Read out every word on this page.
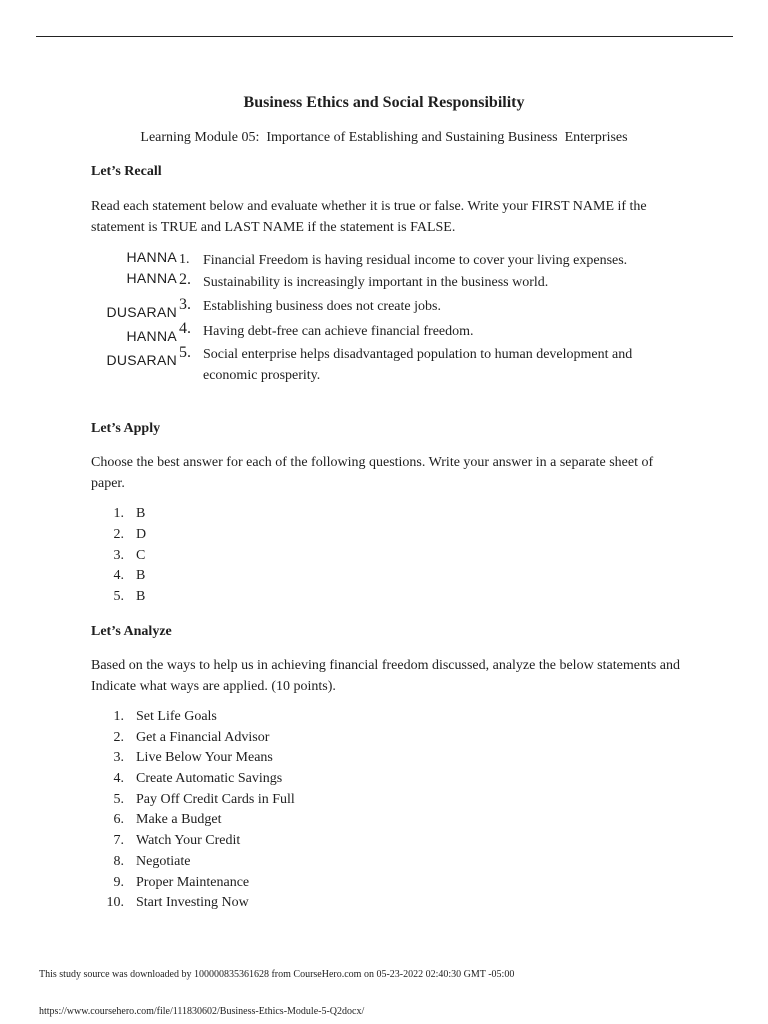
Business Ethics and Social Responsibility
Learning Module 05:  Importance of Establishing and Sustaining Business  Enterprises
Let’s Recall
Read each statement below and evaluate whether it is true or false. Write your FIRST NAME if the statement is TRUE and LAST NAME if the statement is FALSE.
HANNA 1. Financial Freedom is having residual income to cover your living expenses.
HANNA 2. Sustainability is increasingly important in the business world.
DUSARAN 3. Establishing business does not create jobs.
HANNA 4. Having debt-free can achieve financial freedom.
DUSARAN 5. Social enterprise helps disadvantaged population to human development and economic prosperity.
Let’s Apply
Choose the best answer for each of the following questions. Write your answer in a separate sheet of paper.
1. B
2. D
3. C
4. B
5. B
Let’s Analyze
Based on the ways to help us in achieving financial freedom discussed, analyze the below statements and Indicate what ways are applied. (10 points).
1. Set Life Goals
2. Get a Financial Advisor
3. Live Below Your Means
4. Create Automatic Savings
5. Pay Off Credit Cards in Full
6. Make a Budget
7. Watch Your Credit
8. Negotiate
9. Proper Maintenance
10. Start Investing Now
This study source was downloaded by 100000835361628 from CourseHero.com on 05-23-2022 02:40:30 GMT -05:00
https://www.coursehero.com/file/111830602/Business-Ethics-Module-5-Q2docx/
